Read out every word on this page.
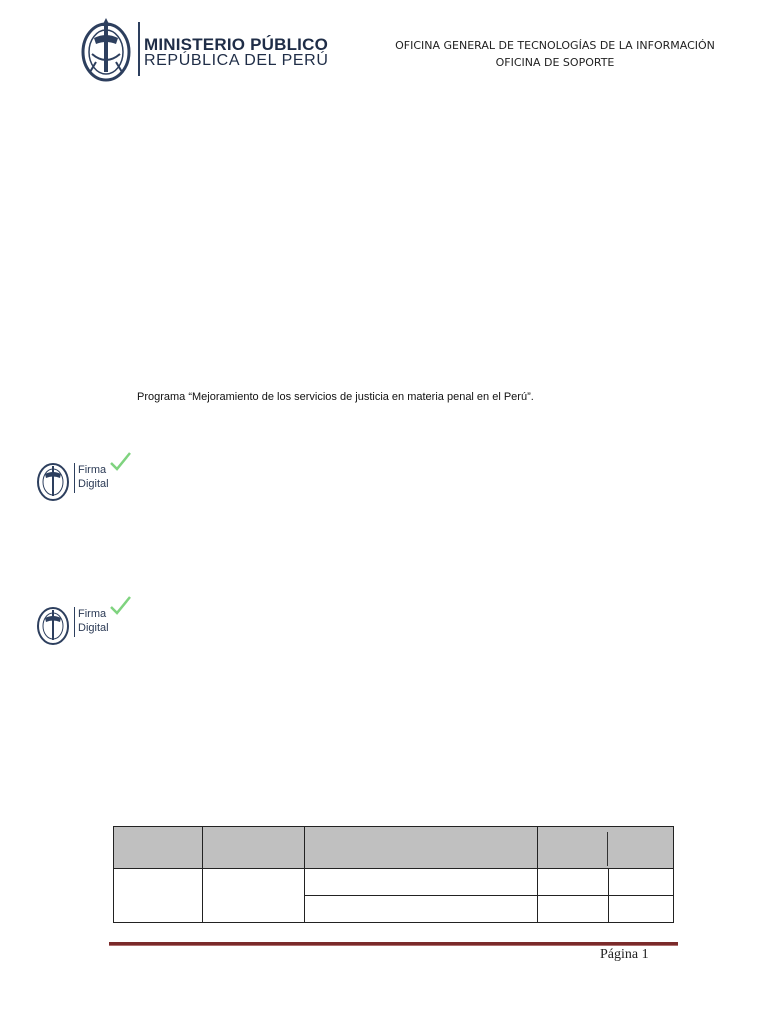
MINISTERIO PÚBLICO
REPÚBLICA DEL PERÚ
OFICINA GENERAL DE TECNOLOGÍAS DE LA INFORMACIÓN
OFICINA DE SOPORTE
Programa “Mejoramiento de los servicios de justicia en materia penal en el Perú”.
Firma
Digital
Firma
Digital

Página 1
